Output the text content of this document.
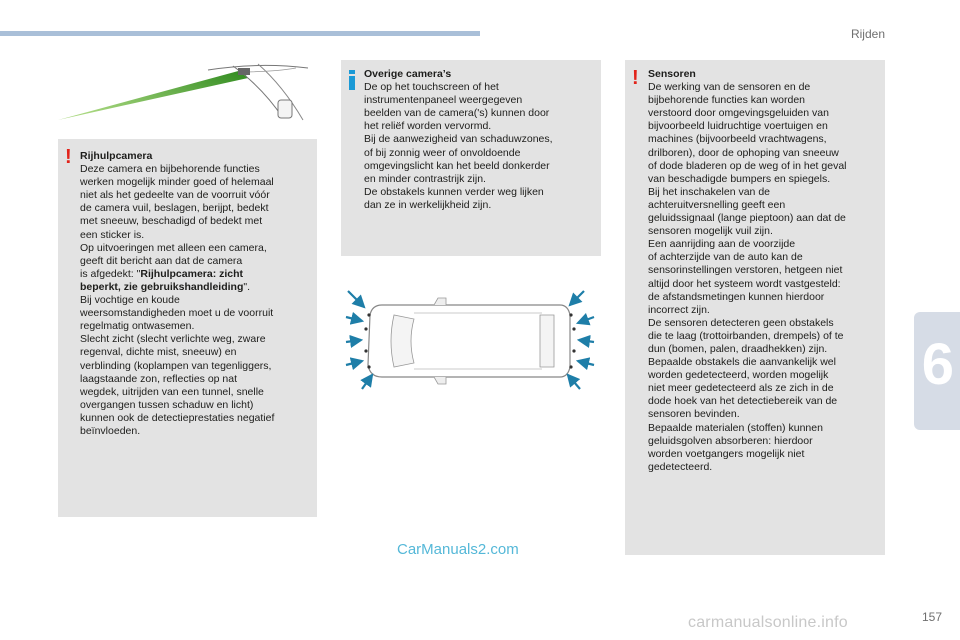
Rijden
! Rijhulpcamera
Deze camera en bijbehorende functies
werken mogelijk minder goed of helemaal
niet als het gedeelte van de voorruit vóór
de camera vuil, beslagen, berijpt, bedekt
met sneeuw, beschadigd of bedekt met
een sticker is.
Op uitvoeringen met alleen een camera,
geeft dit bericht aan dat de camera
is afgedekt: "Rijhulpcamera: zicht
beperkt, zie gebruikshandleiding".
Bij vochtige en koude
weersomstandigheden moet u de voorruit
regelmatig ontwasemen.
Slecht zicht (slecht verlichte weg, zware
regenval, dichte mist, sneeuw) en
verblinding (koplampen van tegenliggers,
laagstaande zon, reflecties op nat
wegdek, uitrijden van een tunnel, snelle
overgangen tussen schaduw en licht)
kunnen ook de detectieprestaties negatief
beïnvloeden.
Overige camera’s
De op het touchscreen of het
instrumentenpaneel weergegeven
beelden van de camera('s) kunnen door
het reliëf worden vervormd.
Bij de aanwezigheid van schaduwzones,
of bij zonnig weer of onvoldoende
omgevingslicht kan het beeld donkerder
en minder contrastrijk zijn.
De obstakels kunnen verder weg lijken
dan ze in werkelijkheid zijn.
! Sensoren
De werking van de sensoren en de
bijbehorende functies kan worden
verstoord door omgevingsgeluiden van
bijvoorbeeld luidruchtige voertuigen en
machines (bijvoorbeeld vrachtwagens,
drilboren), door de ophoping van sneeuw
of dode bladeren op de weg of in het geval
van beschadigde bumpers en spiegels.
Bij het inschakelen van de
achteruitversnelling geeft een
geluidssignaal (lange pieptoon) aan dat de
sensoren mogelijk vuil zijn.
Een aanrijding aan de voorzijde
of achterzijde van de auto kan de
sensorinstellingen verstoren, hetgeen niet
altijd door het systeem wordt vastgesteld:
de afstandsmetingen kunnen hierdoor
incorrect zijn.
De sensoren detecteren geen obstakels
die te laag (trottoirbanden, drempels) of te
dun (bomen, palen, draadhekken) zijn.
Bepaalde obstakels die aanvankelijk wel
worden gedetecteerd, worden mogelijk
niet meer gedetecteerd als ze zich in de
dode hoek van het detectiebereik van de
sensoren bevinden.
Bepaalde materialen (stoffen) kunnen
geluidsgolven absorberen: hierdoor
worden voetgangers mogelijk niet
gedetecteerd.
6
CarManuals2.com
carmanualsonline.info	157
